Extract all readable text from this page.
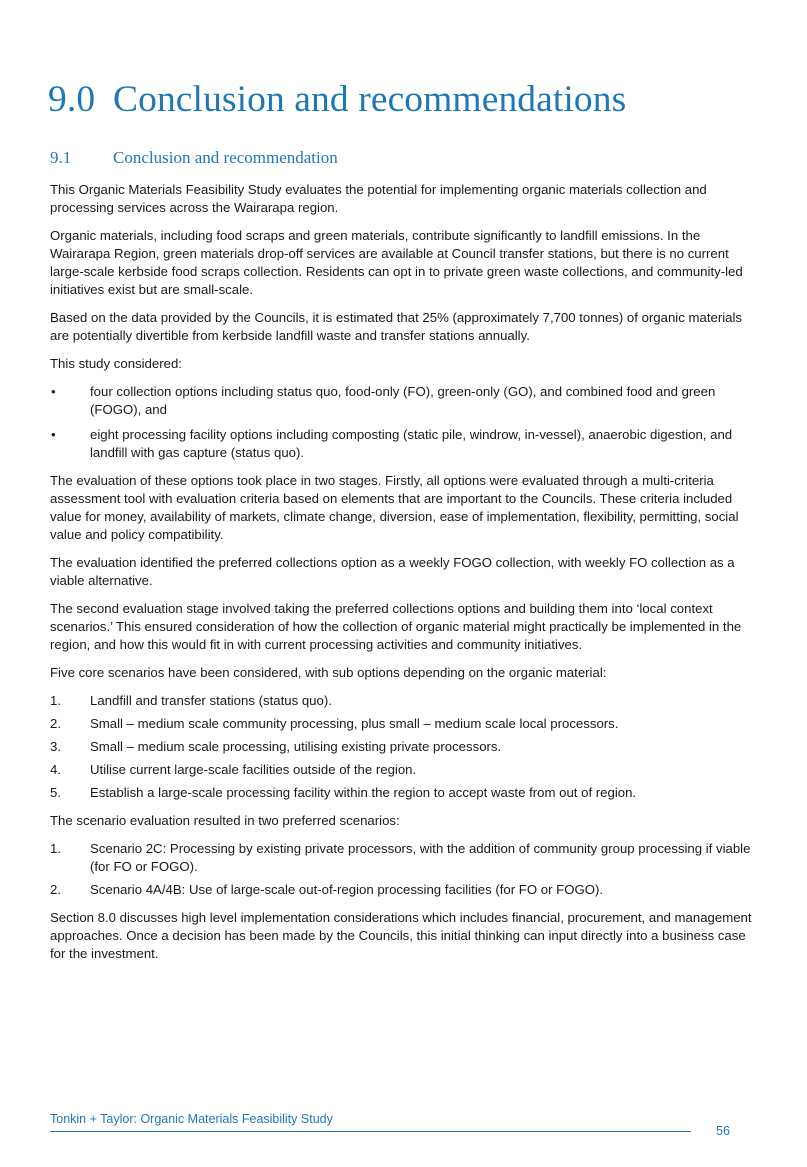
9.0 Conclusion and recommendations
9.1 Conclusion and recommendation

This Organic Materials Feasibility Study evaluates the potential for implementing organic materials collection and processing services across the Wairarapa region.

Organic materials, including food scraps and green materials, contribute significantly to landfill emissions. In the Wairarapa Region, green materials drop-off services are available at Council transfer stations, but there is no current large-scale kerbside food scraps collection. Residents can opt in to private green waste collections, and community-led initiatives exist but are small-scale.

Based on the data provided by the Councils, it is estimated that 25% (approximately 7,700 tonnes) of organic materials are potentially divertible from kerbside landfill waste and transfer stations annually.

This study considered:

•	four collection options including status quo, food-only (FO), green-only (GO), and combined food and green (FOGO), and
•	eight processing facility options including composting (static pile, windrow, in-vessel), anaerobic digestion, and landfill with gas capture (status quo).

The evaluation of these options took place in two stages. Firstly, all options were evaluated through a multi-criteria assessment tool with evaluation criteria based on elements that are important to the Councils. These criteria included value for money, availability of markets, climate change, diversion, ease of implementation, flexibility, permitting, social value and policy compatibility.

The evaluation identified the preferred collections option as a weekly FOGO collection, with weekly FO collection as a viable alternative.

The second evaluation stage involved taking the preferred collections options and building them into ‘local context scenarios.’ This ensured consideration of how the collection of organic material might practically be implemented in the region, and how this would fit in with current processing activities and community initiatives.

Five core scenarios have been considered, with sub options depending on the organic material:

1. Landfill and transfer stations (status quo).
2. Small – medium scale community processing, plus small – medium scale local processors.
3. Small – medium scale processing, utilising existing private processors.
4. Utilise current large-scale facilities outside of the region.
5. Establish a large-scale processing facility within the region to accept waste from out of region.

The scenario evaluation resulted in two preferred scenarios:

1. Scenario 2C: Processing by existing private processors, with the addition of community group processing if viable (for FO or FOGO).
2. Scenario 4A/4B: Use of large-scale out-of-region processing facilities (for FO or FOGO).

Section 8.0 discusses high level implementation considerations which includes financial, procurement, and management approaches. Once a decision has been made by the Councils, this initial thinking can input directly into a business case for the investment.

Tonkin + Taylor: Organic Materials Feasibility Study
56
